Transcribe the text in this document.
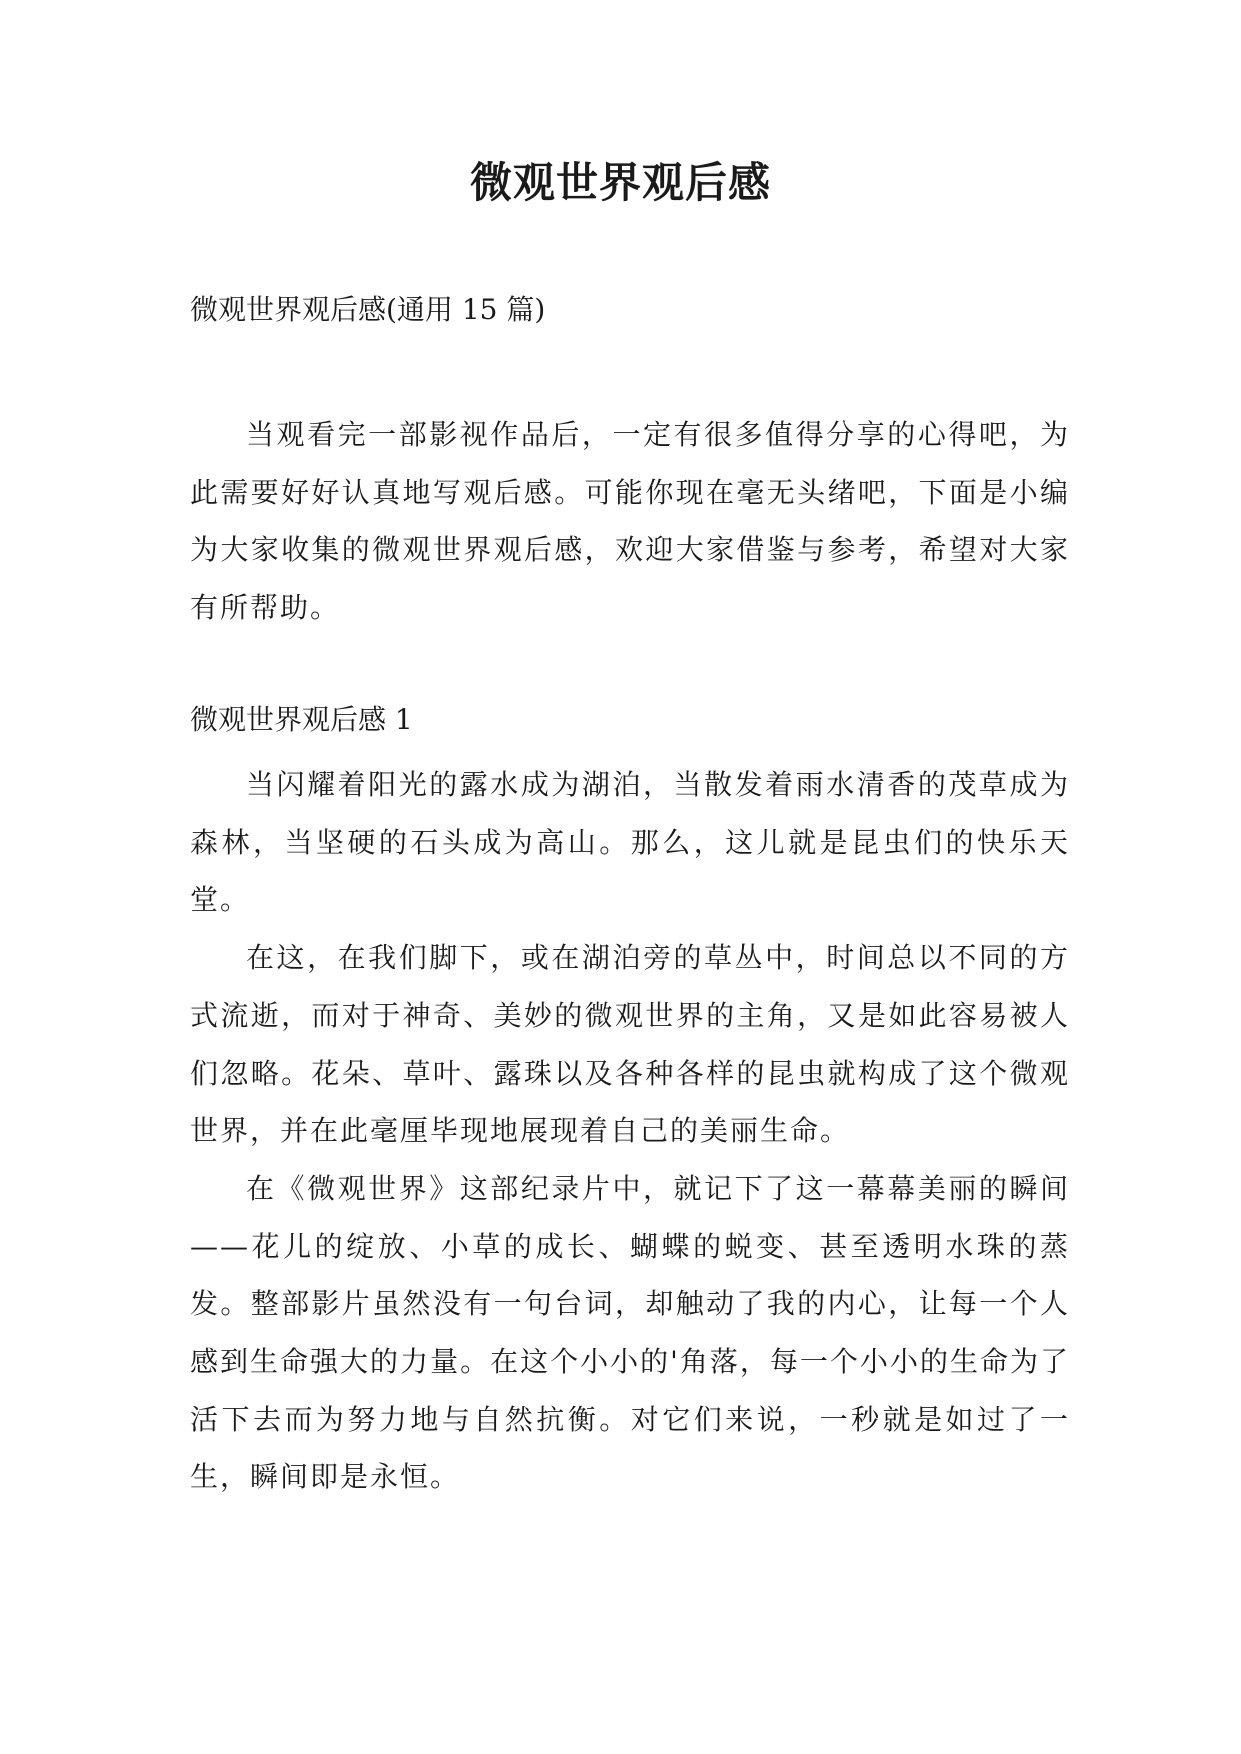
微观世界观后感
微观世界观后感(通用 15 篇)

当观看完一部影视作品后，一定有很多值得分享的心得吧，为此需要好好认真地写观后感。可能你现在毫无头绪吧，下面是小编为大家收集的微观世界观后感，欢迎大家借鉴与参考，希望对大家有所帮助。

微观世界观后感 1

当闪耀着阳光的露水成为湖泊，当散发着雨水清香的茂草成为森林，当坚硬的石头成为高山。那么，这儿就是昆虫们的快乐天堂。

在这，在我们脚下，或在湖泊旁的草丛中，时间总以不同的方式流逝，而对于神奇、美妙的微观世界的主角，又是如此容易被人们忽略。花朵、草叶、露珠以及各种各样的昆虫就构成了这个微观世界，并在此毫厘毕现地展现着自己的美丽生命。

在《微观世界》这部纪录片中，就记下了这一幕幕美丽的瞬间——花儿的绽放、小草的成长、蝴蝶的蜕变、甚至透明水珠的蒸发。整部影片虽然没有一句台词，却触动了我的内心，让每一个人感到生命强大的力量。在这个小小的'角落，每一个小小的生命为了活下去而为努力地与自然抗衡。对它们来说，一秒就是如过了一生，瞬间即是永恒。
